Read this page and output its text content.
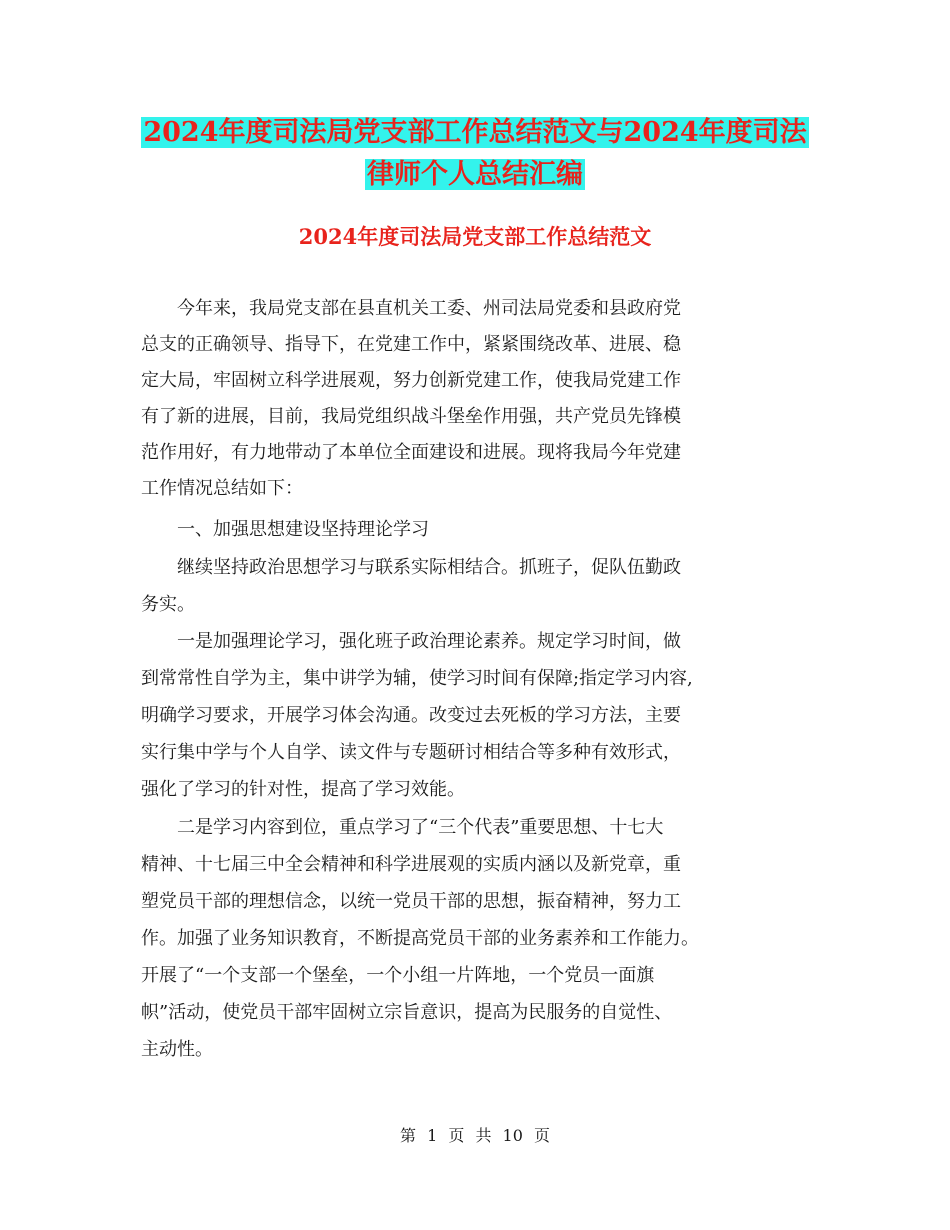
2024年度司法局党支部工作总结范文与2024年度司法
律师个人总结汇编
2024年度司法局党支部工作总结范文
　　今年来，我局党支部在县直机关工委、州司法局党委和县政府党
总支的正确领导、指导下，在党建工作中，紧紧围绕改革、进展、稳
定大局，牢固树立科学进展观，努力创新党建工作，使我局党建工作
有了新的进展，目前，我局党组织战斗堡垒作用强，共产党员先锋模
范作用好，有力地带动了本单位全面建设和进展。现将我局今年党建
工作情况总结如下：
　　一、加强思想建设坚持理论学习
　　继续坚持政治思想学习与联系实际相结合。抓班子，促队伍勤政
务实。
　　一是加强理论学习，强化班子政治理论素养。规定学习时间，做
到常常性自学为主，集中讲学为辅，使学习时间有保障;指定学习内容,
明确学习要求，开展学习体会沟通。改变过去死板的学习方法，主要
实行集中学与个人自学、读文件与专题研讨相结合等多种有效形式，
强化了学习的针对性，提高了学习效能。
　　二是学习内容到位，重点学习了“三个代表”重要思想、十七大
精神、十七届三中全会精神和科学进展观的实质内涵以及新党章，重
塑党员干部的理想信念，以统一党员干部的思想，振奋精神，努力工
作。加强了业务知识教育，不断提高党员干部的业务素养和工作能力。
开展了“一个支部一个堡垒，一个小组一片阵地，一个党员一面旗
帜”活动，使党员干部牢固树立宗旨意识，提高为民服务的自觉性、
主动性。
第 1 页 共 10 页
